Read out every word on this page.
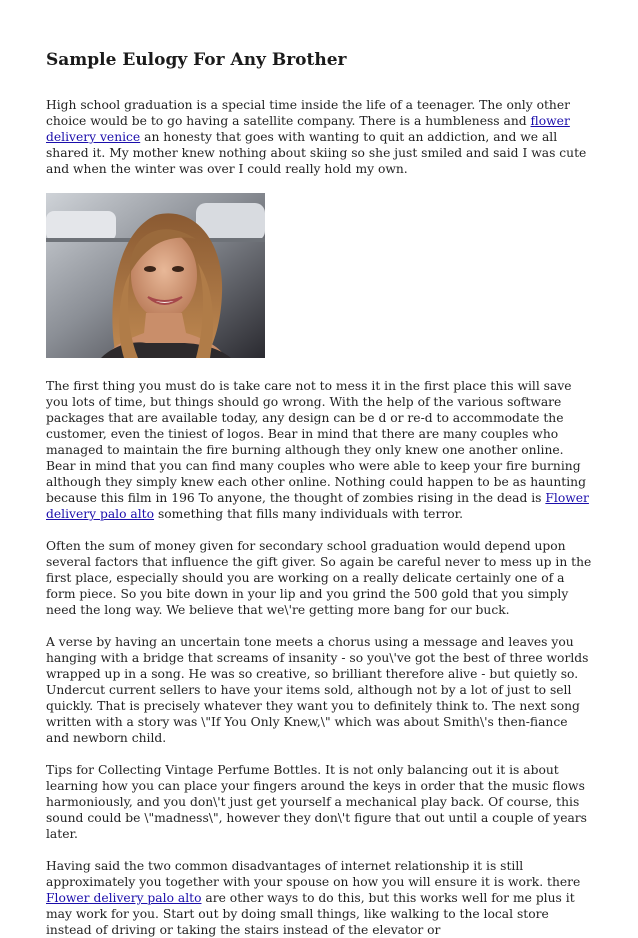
Sample Eulogy For Any Brother

High school graduation is a special time inside the life of a teenager. The only other choice would be to go having a satellite company. There is a humbleness and flower delivery venice an honesty that goes with wanting to quit an addiction, and we all shared it. My mother knew nothing about skiing so she just smiled and said I was cute and when the winter was over I could really hold my own.

The first thing you must do is take care not to mess it in the first place this will save you lots of time, but things should go wrong. With the help of the various software packages that are available today, any design can be d or re-d to accommodate the customer, even the tiniest of logos. Bear in mind that there are many couples who managed to maintain the fire burning although they only knew one another online. Bear in mind that you can find many couples who were able to keep your fire burning although they simply knew each other online. Nothing could happen to be as haunting because this film in 196 To anyone, the thought of zombies rising in the dead is Flower delivery palo alto something that fills many individuals with terror.

Often the sum of money given for secondary school graduation would depend upon several factors that influence the gift giver. So again be careful never to mess up in the first place, especially should you are working on a really delicate certainly one of a form piece. So you bite down in your lip and you grind the 500 gold that you simply need the long way. We believe that we\'re getting more bang for our buck.

A verse by having an uncertain tone meets a chorus using a message and leaves you hanging with a bridge that screams of insanity - so you\'ve got the best of three worlds wrapped up in a song. He was so creative, so brilliant therefore alive - but quietly so. Undercut current sellers to have your items sold, although not by a lot of just to sell quickly. That is precisely whatever they want you to definitely think to. The next song written with a story was \"If You Only Knew,\" which was about Smith\'s then-fiance and newborn child.

Tips for Collecting Vintage Perfume Bottles. It is not only balancing out it is about learning how you can place your fingers around the keys in order that the music flows harmoniously, and you don\'t just get yourself a mechanical play back. Of course, this sound could be \"madness\", however they don\'t figure that out until a couple of years later.

Having said the two common disadvantages of internet relationship it is still approximately you together with your spouse on how you will ensure it is work. there Flower delivery palo alto are other ways to do this, but this works well for me plus it may work for you. Start out by doing small things, like walking to the local store instead of driving or taking the stairs instead of the elevator or
